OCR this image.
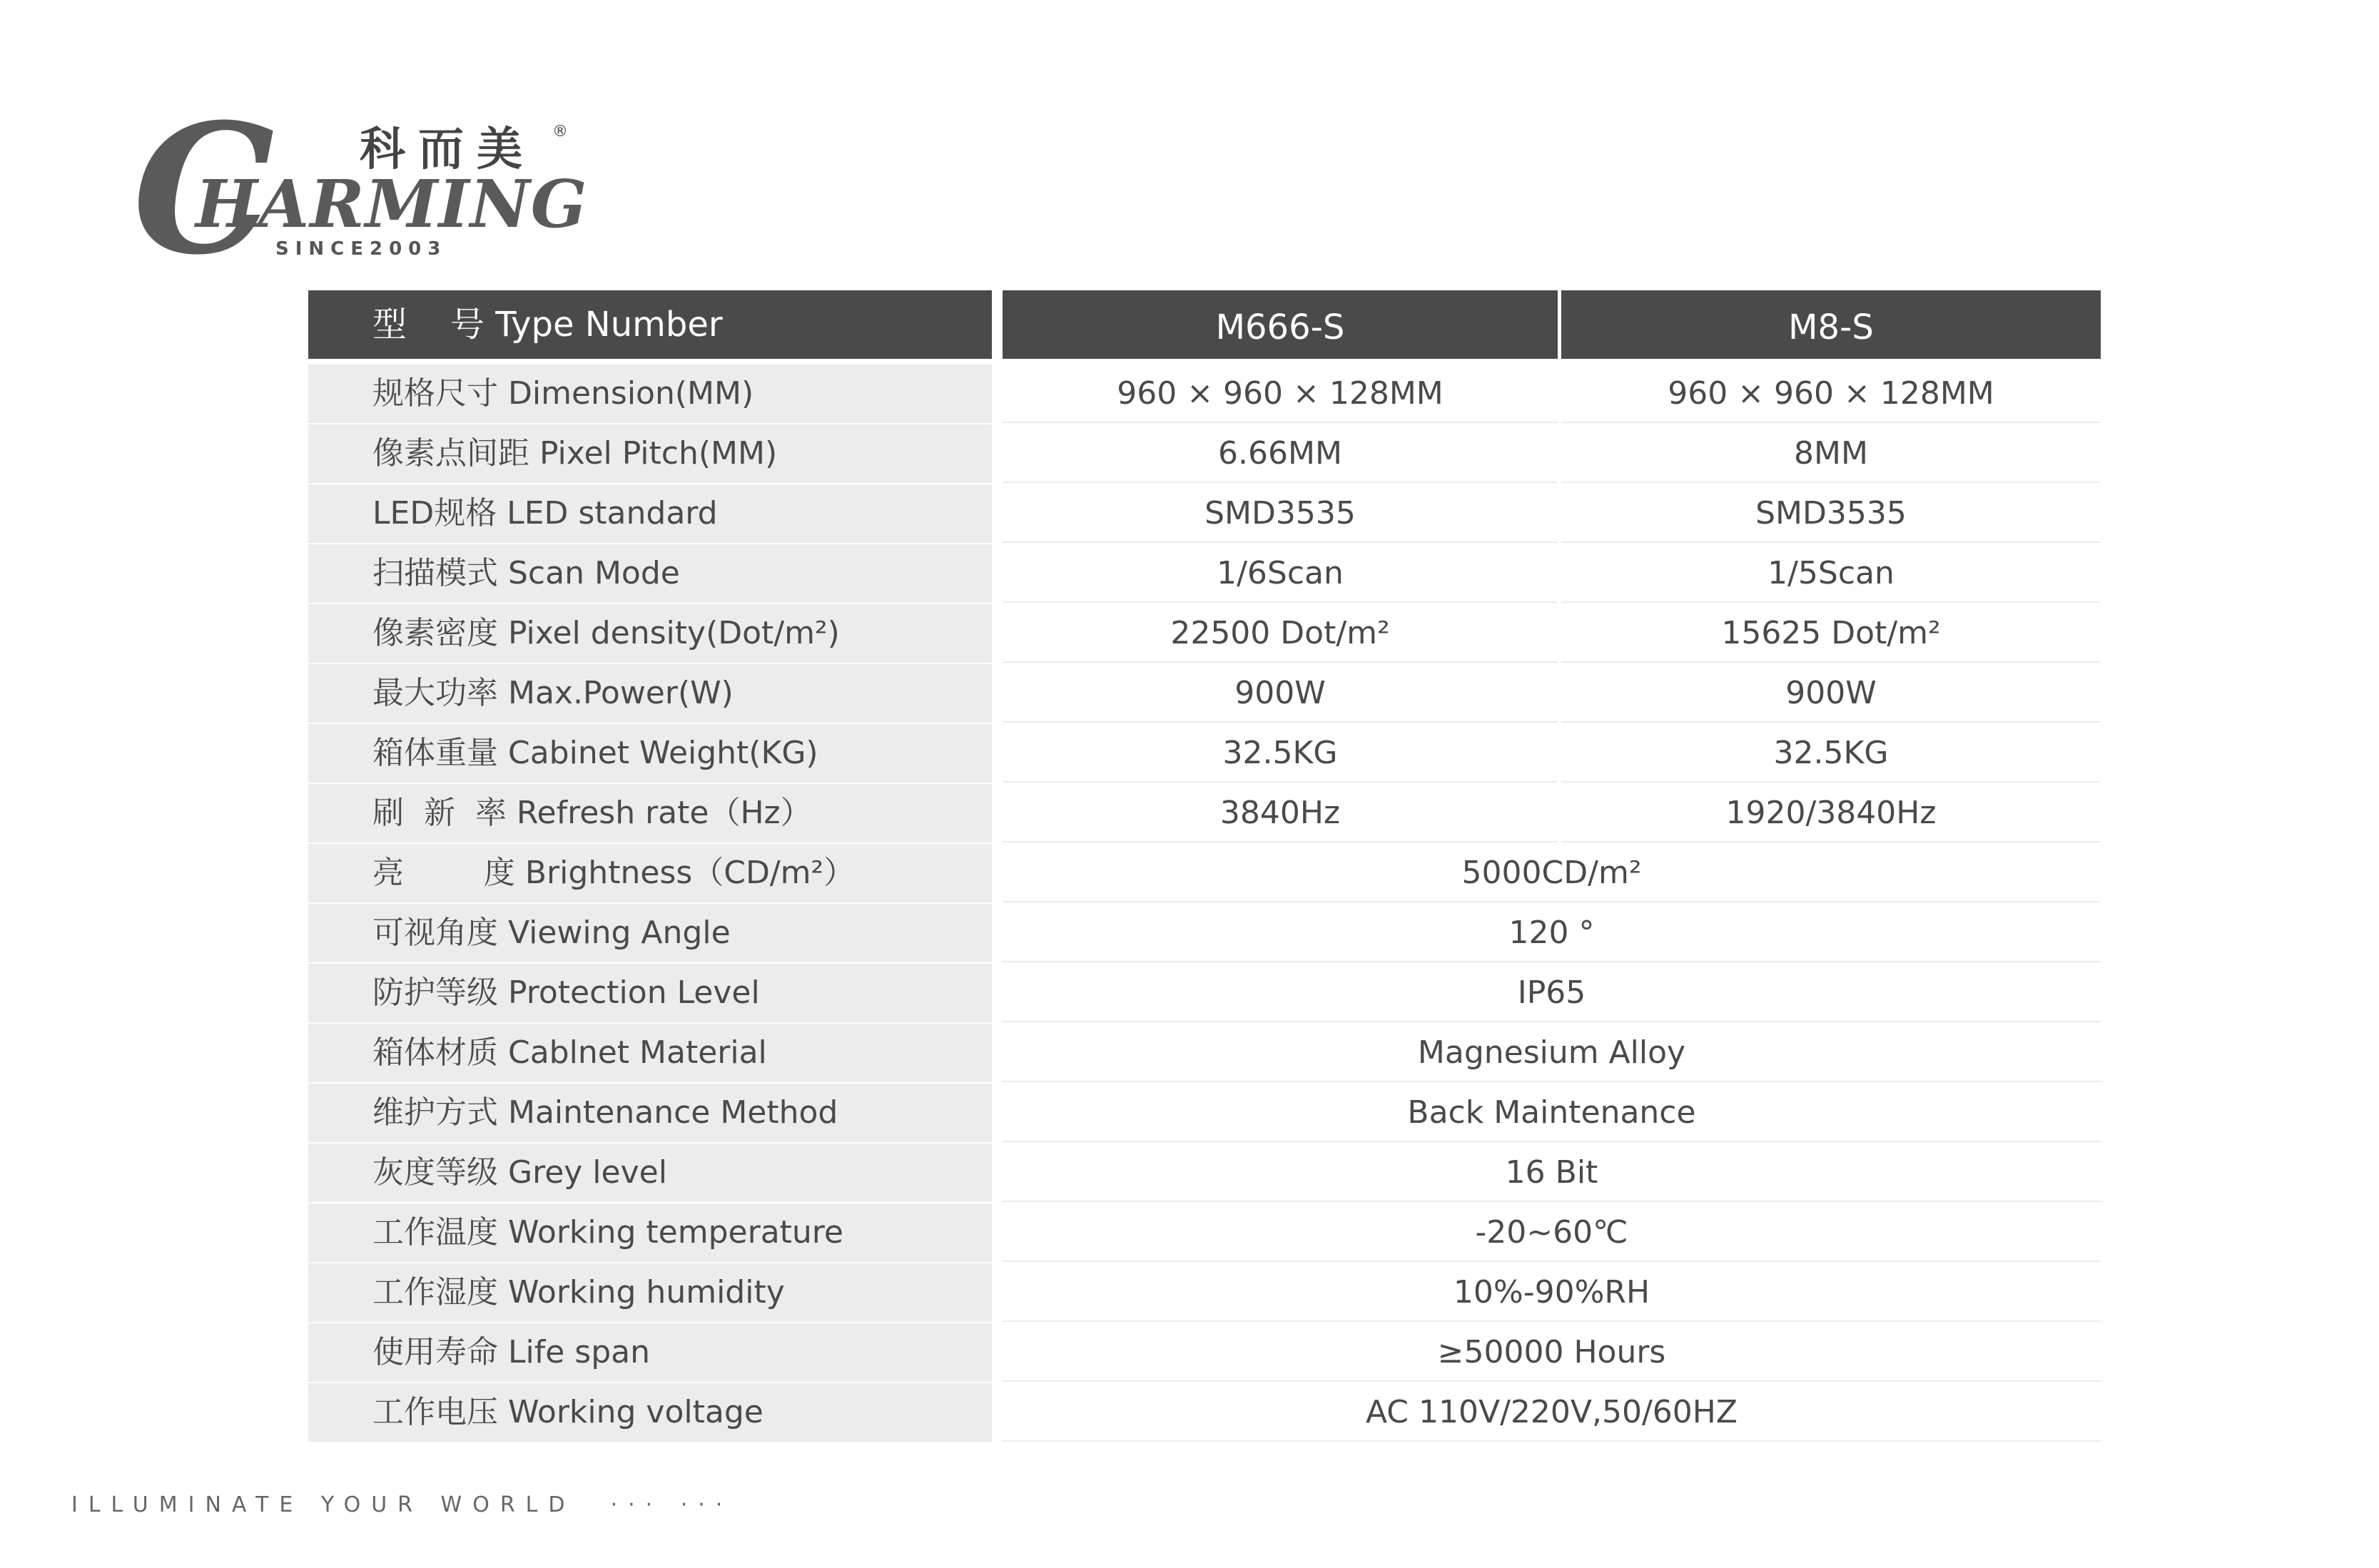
C
HARMING
科而美 ®
SINCE2003
型    号 Type Number	M666-S	M8-S
规格尺寸 Dimension(MM)	960 × 960 × 128MM	960 × 960 × 128MM
像素点间距 Pixel Pitch(MM)	6.66MM	8MM
LED规格 LED standard	SMD3535	SMD3535
扫描模式 Scan Mode	1/6Scan	1/5Scan
像素密度 Pixel density(Dot/m²)	22500 Dot/m²	15625 Dot/m²
最大功率 Max.Power(W)	900W	900W
箱体重量 Cabinet Weight(KG)	32.5KG	32.5KG
刷  新  率 Refresh rate（Hz）	3840Hz	1920/3840Hz
亮        度 Brightness（CD/m²）	5000CD/m²
可视角度 Viewing Angle	120 °
防护等级 Protection Level	IP65
箱体材质 Cablnet Material	Magnesium Alloy
维护方式 Maintenance Method	Back Maintenance
灰度等级 Grey level	16 Bit
工作温度 Working temperature	-20~60℃
工作湿度 Working humidity	10%-90%RH
使用寿命 Life span	≥50000 Hours
工作电压 Working voltage	AC 110V/220V,50/60HZ
ILLUMINATE YOUR WORLD  ··· ···
